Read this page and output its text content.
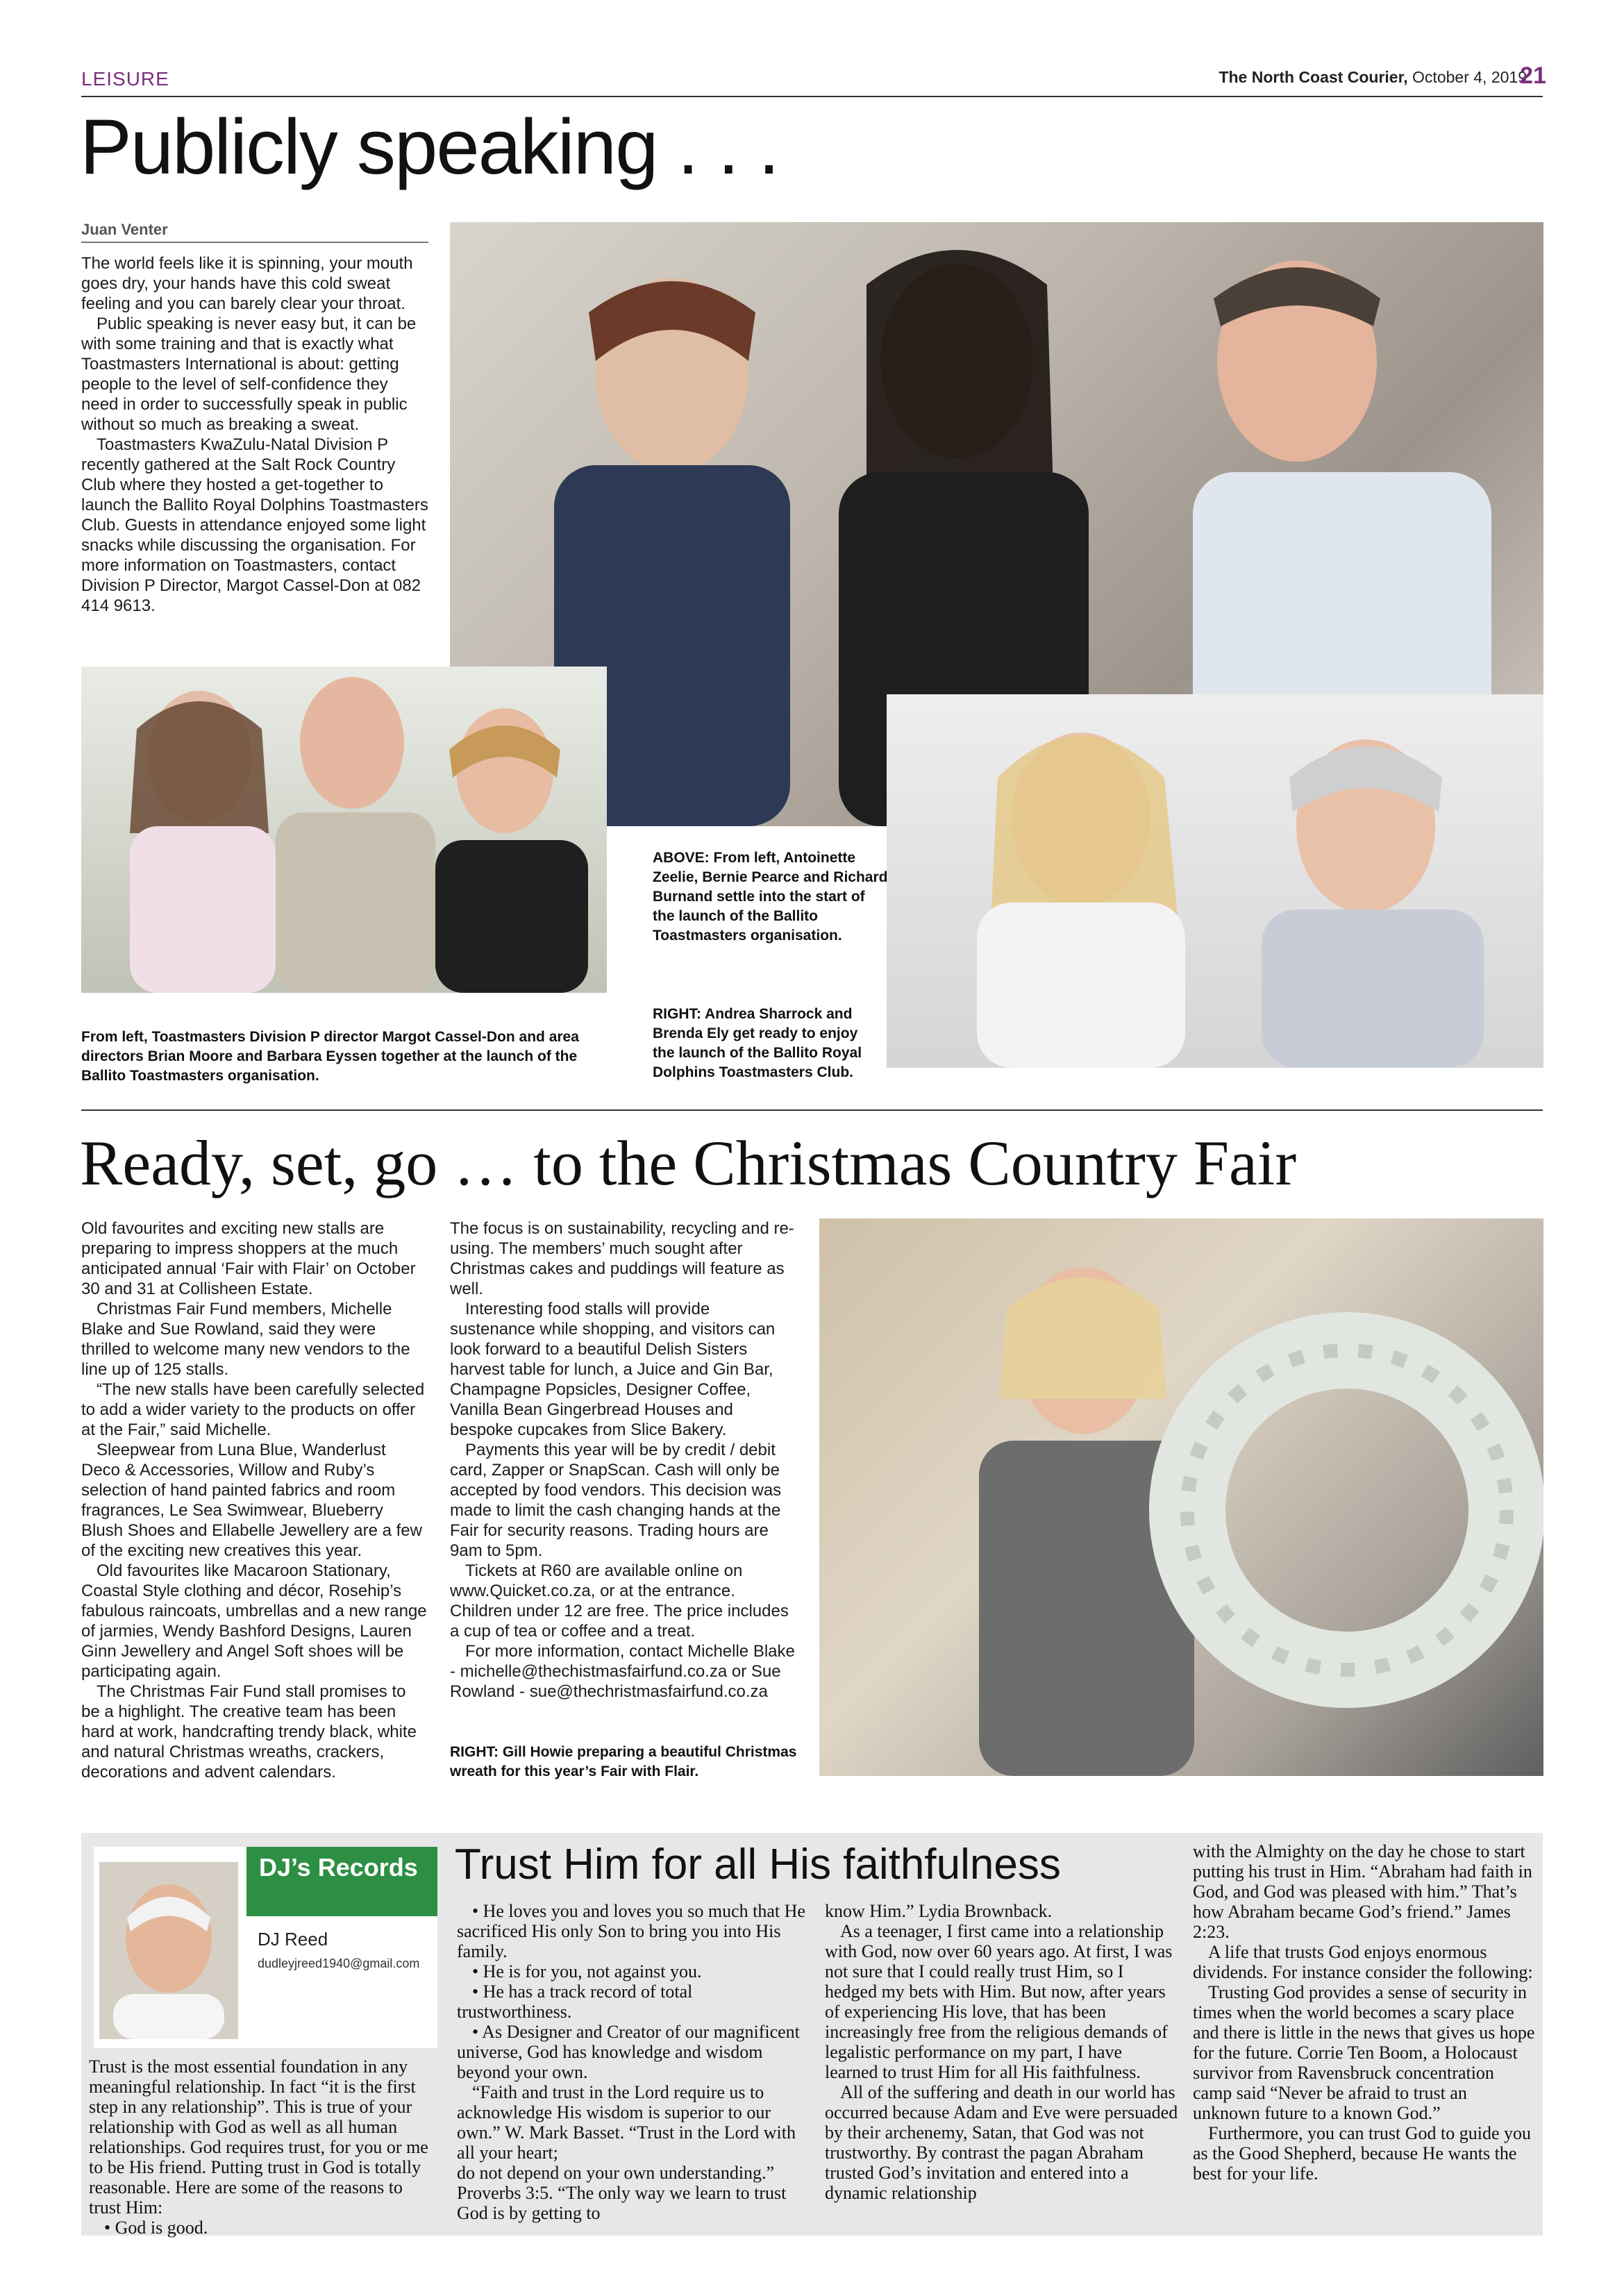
LEISURE	The North Coast Courier, October 4, 2019
21
Publicly speaking . . .
Juan Venter

The world feels like it is spinning, your mouth goes dry, your hands have this cold sweat feeling and you can barely clear your throat.

Public speaking is never easy but, it can be with some training and that is exactly what Toastmasters International is about: getting people to the level of self-confidence they need in order to successfully speak in public without so much as breaking a sweat.

Toastmasters KwaZulu-Natal Division P recently gathered at the Salt Rock Country Club where they hosted a get-together to launch the Ballito Royal Dolphins Toastmasters Club. Guests in attendance enjoyed some light snacks while discussing the organisation. For more information on Toastmasters, contact Division P Director, Margot Cassel-Don at 082 414 9613.

ABOVE: From left, Antoinette Zeelie, Bernie Pearce and Richard Burnand settle into the start of the launch of the Ballito Toastmasters organisation.
RIGHT: Andrea Sharrock and Brenda Ely get ready to enjoy the launch of the Ballito Royal Dolphins Toastmasters Club.
From left, Toastmasters Division P director Margot Cassel-Don and area directors Brian Moore and Barbara Eyssen together at the launch of the Ballito Toastmasters organisation.
Ready, set, go … to the Christmas Country Fair

Old favourites and exciting new stalls are preparing to impress shoppers at the much anticipated annual ‘Fair with Flair’ on October 30 and 31 at Collisheen Estate.

Christmas Fair Fund members, Michelle Blake and Sue Rowland, said they were thrilled to welcome many new vendors to the line up of 125 stalls.

“The new stalls have been carefully selected to add a wider variety to the products on offer at the Fair,” said Michelle.

Sleepwear from Luna Blue, Wanderlust Deco & Accessories, Willow and Ruby’s selection of hand painted fabrics and room fragrances, Le Sea Swimwear, Blueberry Blush Shoes and Ellabelle Jewellery are a few of the exciting new creatives this year.

Old favourites like Macaroon Stationary, Coastal Style clothing and décor, Rosehip’s fabulous raincoats, umbrellas and a new range of jarmies, Wendy Bashford Designs, Lauren Ginn Jewellery and Angel Soft shoes will be participating again.

The Christmas Fair Fund stall promises to be a highlight. The creative team has been hard at work, handcrafting trendy black, white and natural Christmas wreaths, crackers, decorations and advent calendars.

The focus is on sustainability, recycling and re-using. The members’ much sought after Christmas cakes and puddings will feature as well.

Interesting food stalls will provide sustenance while shopping, and visitors can look forward to a beautiful Delish Sisters harvest table for lunch, a Juice and Gin Bar, Champagne Popsicles, Designer Coffee, Vanilla Bean Gingerbread Houses and bespoke cupcakes from Slice Bakery.

Payments this year will be by credit / debit card, Zapper or SnapScan. Cash will only be accepted by food vendors. This decision was made to limit the cash changing hands at the Fair for security reasons. Trading hours are 9am to 5pm.

Tickets at R60 are available online on www.Quicket.co.za, or at the entrance. Children under 12 are free. The price includes a cup of tea or coffee and a treat.

For more information, contact Michelle Blake - michelle@thechistmasfairfund.co.za or Sue Rowland - sue@thechristmasfairfund.co.za

RIGHT: Gill Howie preparing a beautiful Christmas wreath for this year’s Fair with Flair.
DJ’s Records
DJ Reed
dudleyjreed1940@gmail.com
Trust Him for all His faithfulness

Trust is the most essential foundation in any meaningful relationship. In fact “it is the first step in any relationship”. This is true of your relationship with God as well as all human relationships. God requires trust, for you or me to be His friend. Putting trust in God is totally reasonable. Here are some of the reasons to trust Him:

• God is good.

• He loves you and loves you so much that He sacrificed His only Son to bring you into His family.

• He is for you, not against you.

• He has a track record of total trustworthiness.

• As Designer and Creator of our magnificent universe, God has knowledge and wisdom beyond your own.

“Faith and trust in the Lord require us to acknowledge His wisdom is superior to our own.” W. Mark Basset. “Trust in the Lord with all your heart;

do not depend on your own understanding.” Proverbs 3:5. “The only way we learn to trust God is by getting to

know Him.” Lydia Brownback.

As a teenager, I first came into a relationship with God, now over 60 years ago. At first, I was not sure that I could really trust Him, so I hedged my bets with Him. But now, after years of experiencing His love, that has been increasingly free from the religious demands of legalistic performance on my part, I have learned to trust Him for all His faithfulness.

All of the suffering and death in our world has occurred because Adam and Eve were persuaded by their archenemy, Satan, that God was not trustworthy. By contrast the pagan Abraham trusted God’s invitation and entered into a dynamic relationship

with the Almighty on the day he chose to start putting his trust in Him. “Abraham had faith in God, and God was pleased with him.” That’s how Abraham became God’s friend.” James 2:23.

A life that trusts God enjoys enormous dividends. For instance consider the following:

Trusting God provides a sense of security in times when the world becomes a scary place and there is little in the news that gives us hope for the future. Corrie Ten Boom, a Holocaust survivor from Ravensbruck concentration camp said “Never be afraid to trust an unknown future to a known God.”

Furthermore, you can trust God to guide you as the Good Shepherd, because He wants the best for your life.
